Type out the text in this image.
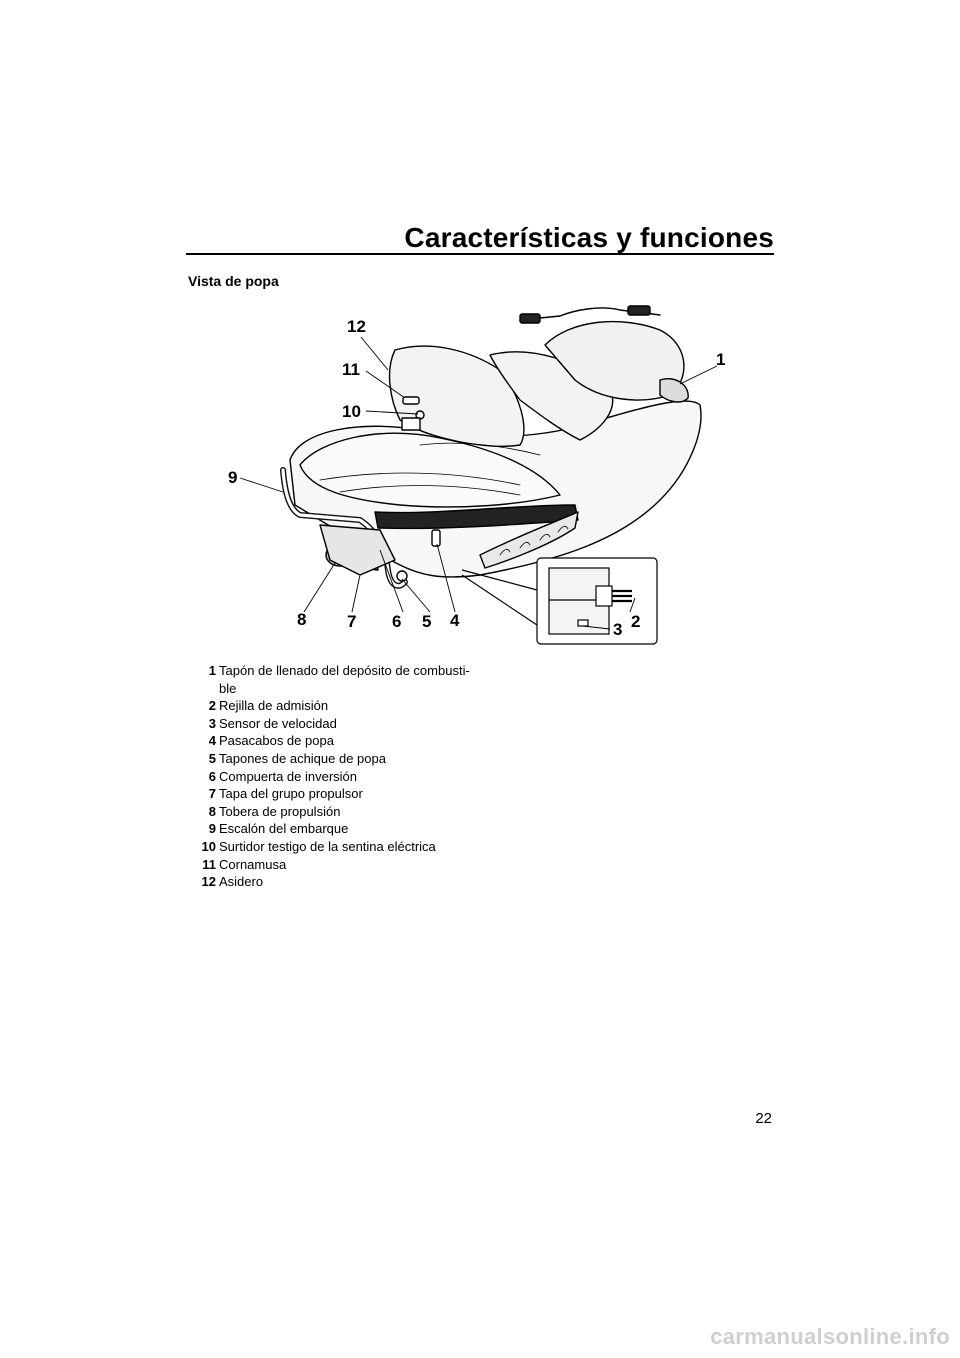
Características y funciones
Vista de popa
1
2
3
4
5
6
7
8
9
10
11
12
1 Tapón de llenado del depósito de combusti-ble
2 Rejilla de admisión
3 Sensor de velocidad
4 Pasacabos de popa
5 Tapones de achique de popa
6 Compuerta de inversión
7 Tapa del grupo propulsor
8 Tobera de propulsión
9 Escalón del embarque
10 Surtidor testigo de la sentina eléctrica
11 Cornamusa
12 Asidero
22
carmanualsonline.info
